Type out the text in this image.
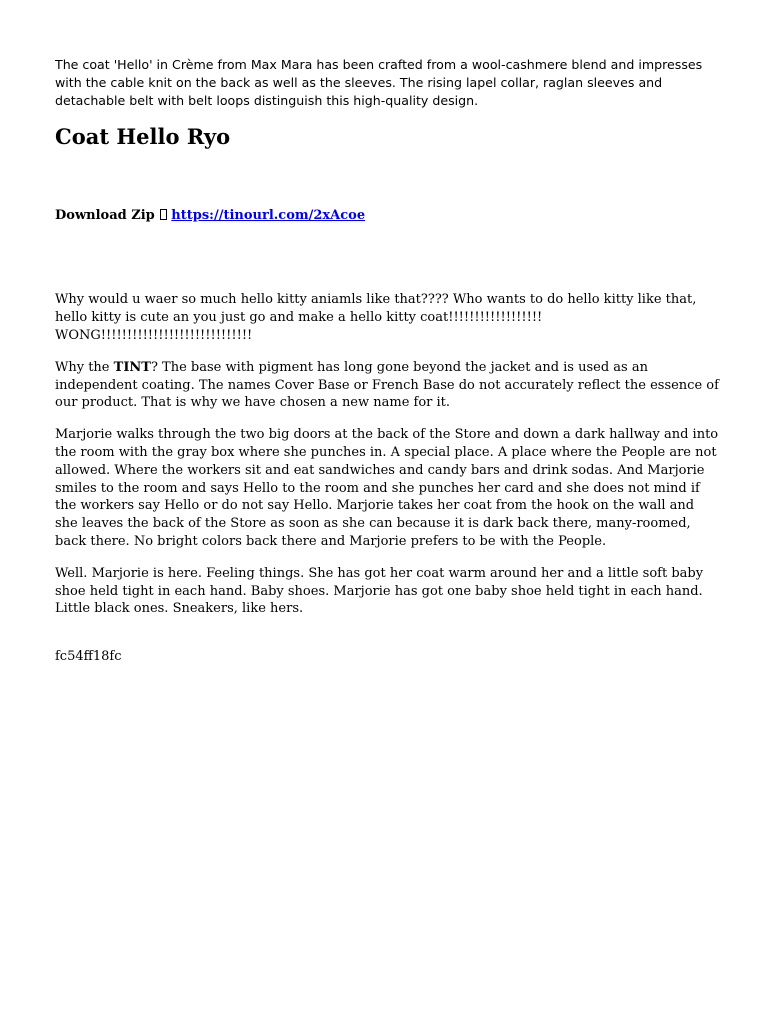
The coat 'Hello' in Crème from Max Mara has been crafted from a wool-cashmere blend and impresses with the cable knit on the back as well as the sleeves. The rising lapel collar, raglan sleeves and detachable belt with belt loops distinguish this high-quality design.

Coat Hello Ryo

Download Zip https://tinourl.com/2xAcoe

Why would u waer so much hello kitty aniamls like that???? Who wants to do hello kitty like that, hello kitty is cute an you just go and make a hello kitty coat!!!!!!!!!!!!!!!!!! WONG!!!!!!!!!!!!!!!!!!!!!!!!!!!!!

Why the TINT? The base with pigment has long gone beyond the jacket and is used as an independent coating. The names Cover Base or French Base do not accurately reflect the essence of our product. That is why we have chosen a new name for it.

Marjorie walks through the two big doors at the back of the Store and down a dark hallway and into the room with the gray box where she punches in. A special place. A place where the People are not allowed. Where the workers sit and eat sandwiches and candy bars and drink sodas. And Marjorie smiles to the room and says Hello to the room and she punches her card and she does not mind if the workers say Hello or do not say Hello. Marjorie takes her coat from the hook on the wall and she leaves the back of the Store as soon as she can because it is dark back there, many-roomed, back there. No bright colors back there and Marjorie prefers to be with the People.

Well. Marjorie is here. Feeling things. She has got her coat warm around her and a little soft baby shoe held tight in each hand. Baby shoes. Marjorie has got one baby shoe held tight in each hand. Little black ones. Sneakers, like hers.

fc54ff18fc
